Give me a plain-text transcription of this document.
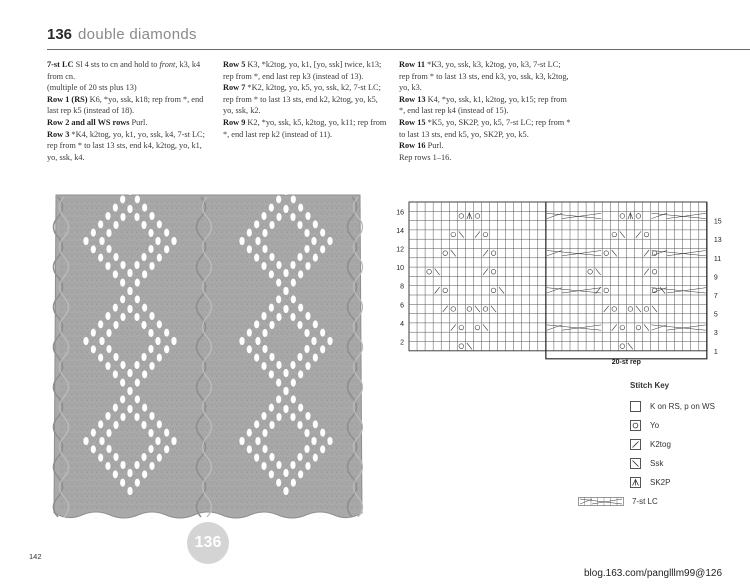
136 double diamonds

7-st LC Sl 4 sts to cn and hold to front, k3, k4 from cn.

(multiple of 20 sts plus 13)

Row 1 (RS) K6, *yo, ssk, k18; rep from *, end last rep k5 (instead of 18).

Row 2 and all WS rows Purl.

Row 3 *K4, k2tog, yo, k1, yo, ssk, k4, 7-st LC; rep from * to last 13 sts, end k4, k2tog, yo, k1, yo, ssk, k4.

Row 5 K3, *k2tog, yo, k1, [yo, ssk] twice, k13; rep from *, end last rep k3 (instead of 13).

Row 7 *K2, k2tog, yo, k5, yo, ssk, k2, 7-st LC; rep from * to last 13 sts, end k2, k2tog, yo, k5, yo, ssk, k2.

Row 9 K2, *yo, ssk, k5, k2tog, yo, k11; rep from *, end last rep k2 (instead of 11).

Row 11 *K3, yo, ssk, k3, k2tog, yo, k3, 7-st LC; rep from * to last 13 sts, end k3, yo, ssk, k3, k2tog, yo, k3.

Row 13 K4, *yo, ssk, k1, k2tog, yo, k15; rep from *, end last rep k4 (instead of 15).

Row 15 *K5, yo, SK2P, yo, k5, 7-st LC; rep from * to last 13 sts, end k5, yo, SK2P, yo, k5.

Row 16 Purl.

Rep rows 1–16.

136
20-st rep
16
14
12
10
8
6
4
2
15
13
11
9
7
5
3
1
Stitch Key
K on RS, p on WS
Yo
K2tog
Ssk
SK2P
7-st LC
142
blog.163.com/panglllm99@126
